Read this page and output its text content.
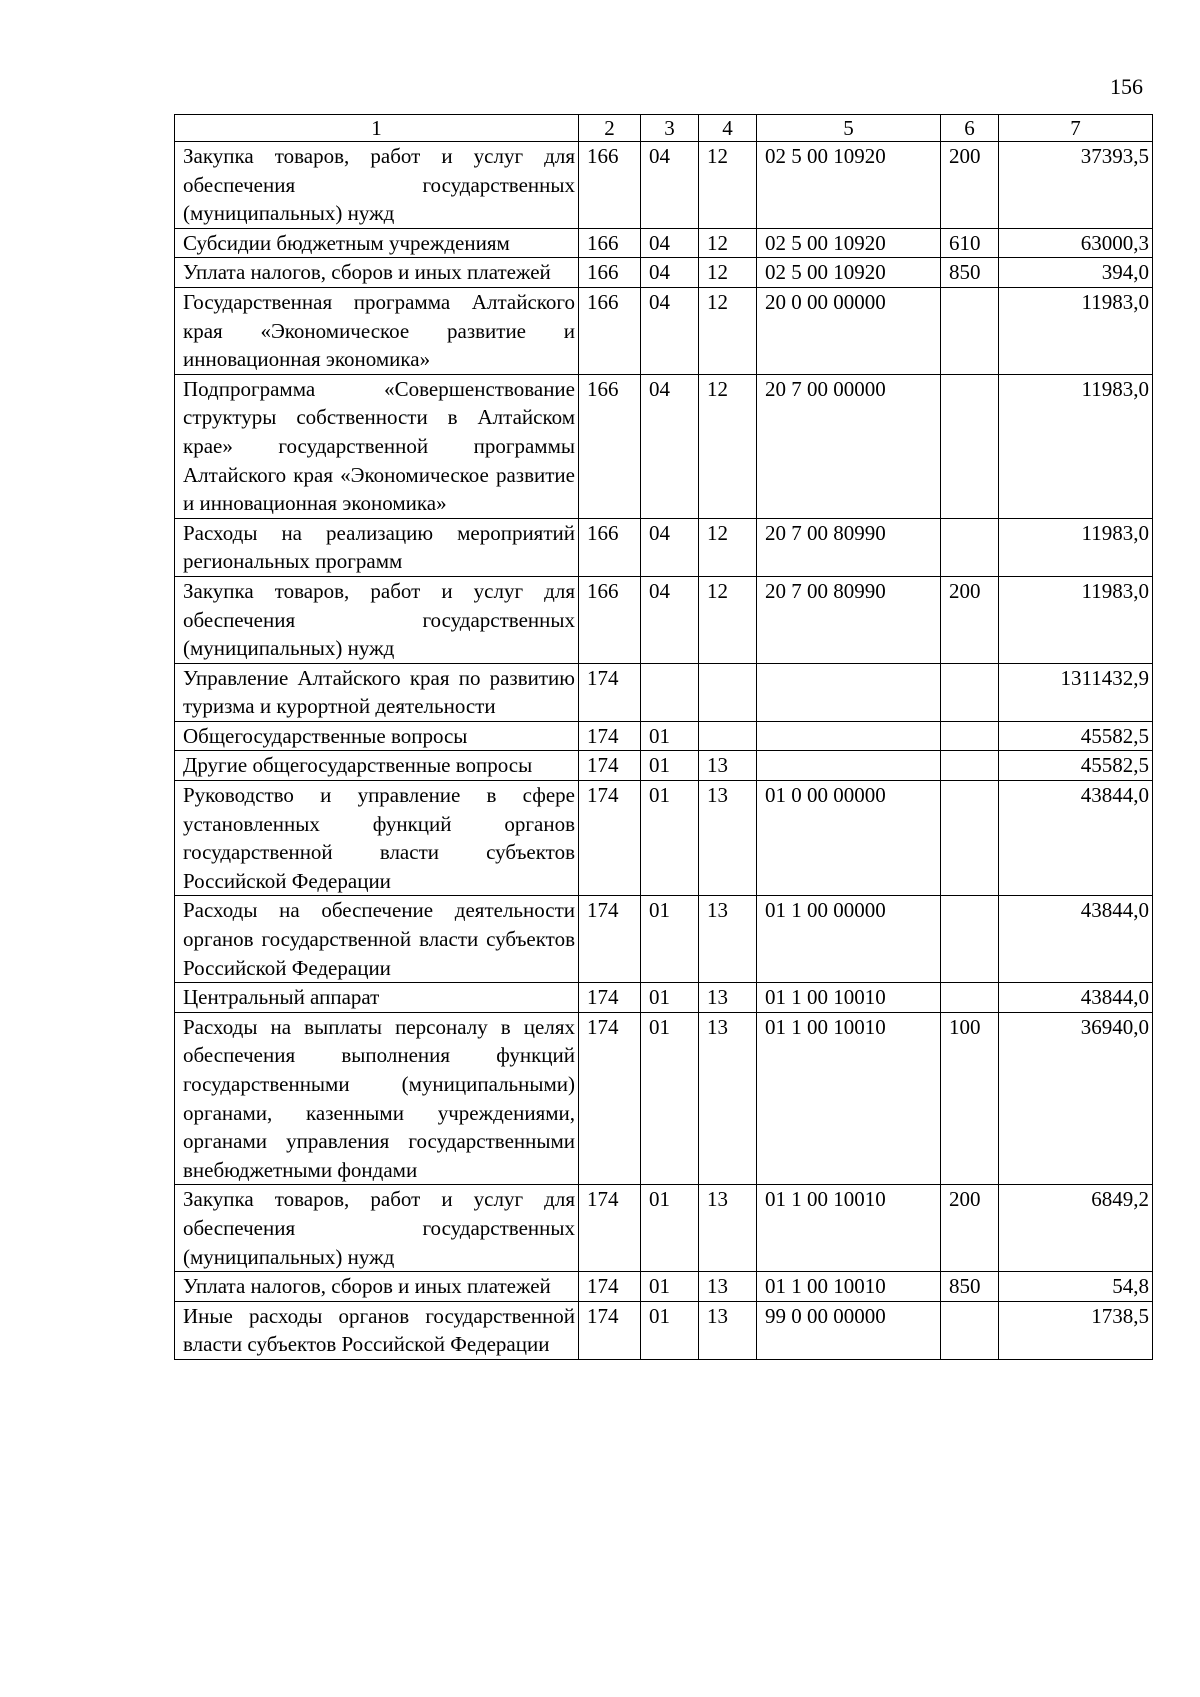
156
1	2	3	4	5	6	7
Закупка товаров, работ и услуг для обеспечения государственных (муниципальных) нужд	166	04	12	02 5 00 10920	200	37393,5
Субсидии бюджетным учреждениям	166	04	12	02 5 00 10920	610	63000,3
Уплата налогов, сборов и иных платежей	166	04	12	02 5 00 10920	850	394,0
Государственная программа Алтайского края «Экономическое развитие и инновационная экономика»	166	04	12	20 0 00 00000		11983,0
Подпрограмма «Совершенствование структуры собственности в Алтайском крае» государственной программы Алтайского края «Экономическое развитие и инновационная экономика»	166	04	12	20 7 00 00000		11983,0
Расходы на реализацию мероприятий региональных программ	166	04	12	20 7 00 80990		11983,0
Закупка товаров, работ и услуг для обеспечения государственных (муниципальных) нужд	166	04	12	20 7 00 80990	200	11983,0
Управление Алтайского края по развитию туризма и курортной деятельности	174					1311432,9
Общегосударственные вопросы	174	01				45582,5
Другие общегосударственные вопросы	174	01	13			45582,5
Руководство и управление в сфере установленных функций органов государственной власти субъектов Российской Федерации	174	01	13	01 0 00 00000		43844,0
Расходы на обеспечение деятельности органов государственной власти субъектов Российской Федерации	174	01	13	01 1 00 00000		43844,0
Центральный аппарат	174	01	13	01 1 00 10010		43844,0
Расходы на выплаты персоналу в целях обеспечения выполнения функций государственными (муниципальными) органами, казенными учреждениями, органами управления государственными внебюджетными фондами	174	01	13	01 1 00 10010	100	36940,0
Закупка товаров, работ и услуг для обеспечения государственных (муниципальных) нужд	174	01	13	01 1 00 10010	200	6849,2
Уплата налогов, сборов и иных платежей	174	01	13	01 1 00 10010	850	54,8
Иные расходы органов государственной власти субъектов Российской Федерации	174	01	13	99 0 00 00000		1738,5
